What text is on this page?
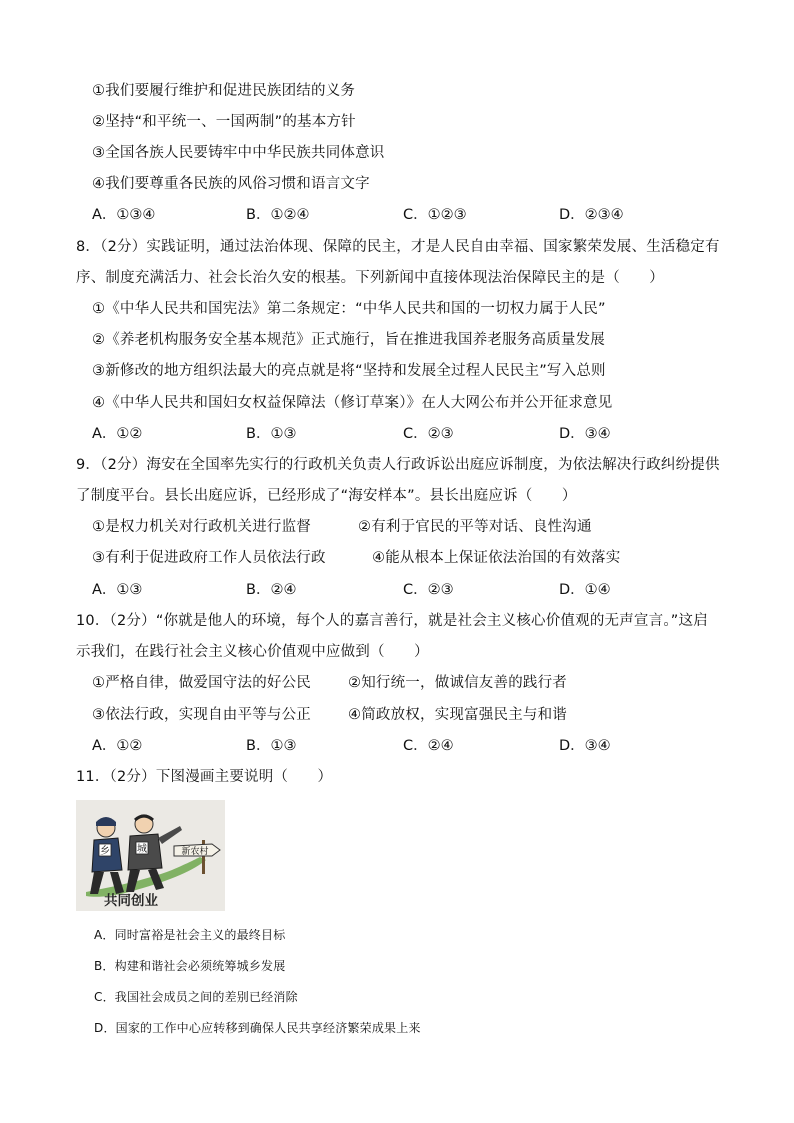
①我们要履行维护和促进民族团结的义务
②坚持“和平统一、一国两制”的基本方针
③全国各族人民要铸牢中中华民族共同体意识
④我们要尊重各民族的风俗习惯和语言文字
A．①③④	B．①②④	C．①②③	D．②③④
8．（2分）实践证明，通过法治体现、保障的民主，才是人民自由幸福、国家繁荣发展、生活稳定有
序、制度充满活力、社会长治久安的根基。下列新闻中直接体现法治保障民主的是（　　）
①《中华人民共和国宪法》第二条规定：“中华人民共和国的一切权力属于人民”
②《养老机构服务安全基本规范》正式施行，旨在推进我国养老服务高质量发展
③新修改的地方组织法最大的亮点就是将“坚持和发展全过程人民民主”写入总则
④《中华人民共和国妇女权益保障法（修订草案）》在人大网公布并公开征求意见
A．①②	B．①③	C．②③	D．③④
9．（2分）海安在全国率先实行的行政机关负责人行政诉讼出庭应诉制度，为依法解决行政纠纷提供
了制度平台。县长出庭应诉，已经形成了“海安样本”。县长出庭应诉（　　）
①是权力机关对行政机关进行监督	②有利于官民的平等对话、良性沟通
③有利于促进政府工作人员依法行政	④能从根本上保证依法治国的有效落实
A．①③	B．②④	C．②③	D．①④
10．（2分）“你就是他人的环境，每个人的嘉言善行，就是社会主义核心价值观的无声宣言。”这启
示我们，在践行社会主义核心价值观中应做到（　　）
①严格自律，做爱国守法的好公民	②知行统一，做诚信友善的践行者
③依法行政，实现自由平等与公正	④简政放权，实现富强民主与和谐
A．①②	B．①③	C．②④	D．③④
11．（2分）下图漫画主要说明（　　）
乡	城	新农村
共同创业
A．同时富裕是社会主义的最终目标
B．构建和谐社会必须统筹城乡发展
C．我国社会成员之间的差别已经消除
D．国家的工作中心应转移到确保人民共享经济繁荣成果上来
